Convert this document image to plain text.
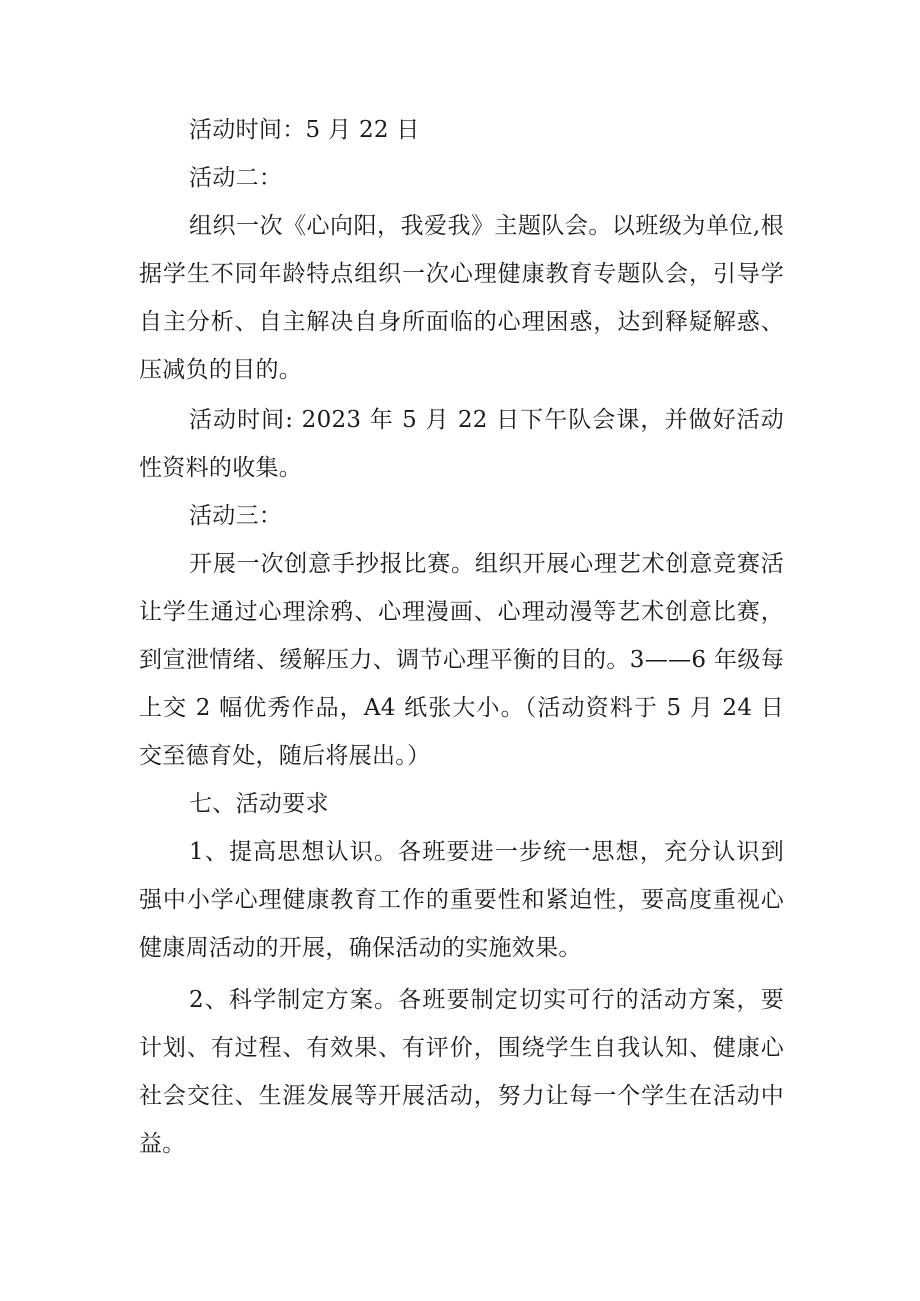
活动时间：5 月 22 日
活动二：
组织一次《心向阳，我爱我》主题队会。以班级为单位,根
据学生不同年龄特点组织一次心理健康教育专题队会，引导学
自主分析、自主解决自身所面临的心理困惑，达到释疑解惑、
压减负的目的。
活动时间: 2023 年 5 月 22 日下午队会课，并做好活动
性资料的收集。
活动三：
开展一次创意手抄报比赛。组织开展心理艺术创意竞赛活
让学生通过心理涂鸦、心理漫画、心理动漫等艺术创意比赛，
到宣泄情绪、缓解压力、调节心理平衡的目的。3——6 年级每
上交 2 幅优秀作品，A4 纸张大小。（活动资料于 5 月 24 日
交至德育处，随后将展出。）
七、活动要求
1、提高思想认识。各班要进一步统一思想，充分认识到
强中小学心理健康教育工作的重要性和紧迫性，要高度重视心
健康周活动的开展，确保活动的实施效果。
2、科学制定方案。各班要制定切实可行的活动方案，要
计划、有过程、有效果、有评价，围绕学生自我认知、健康心
社会交往、生涯发展等开展活动，努力让每一个学生在活动中
益。
